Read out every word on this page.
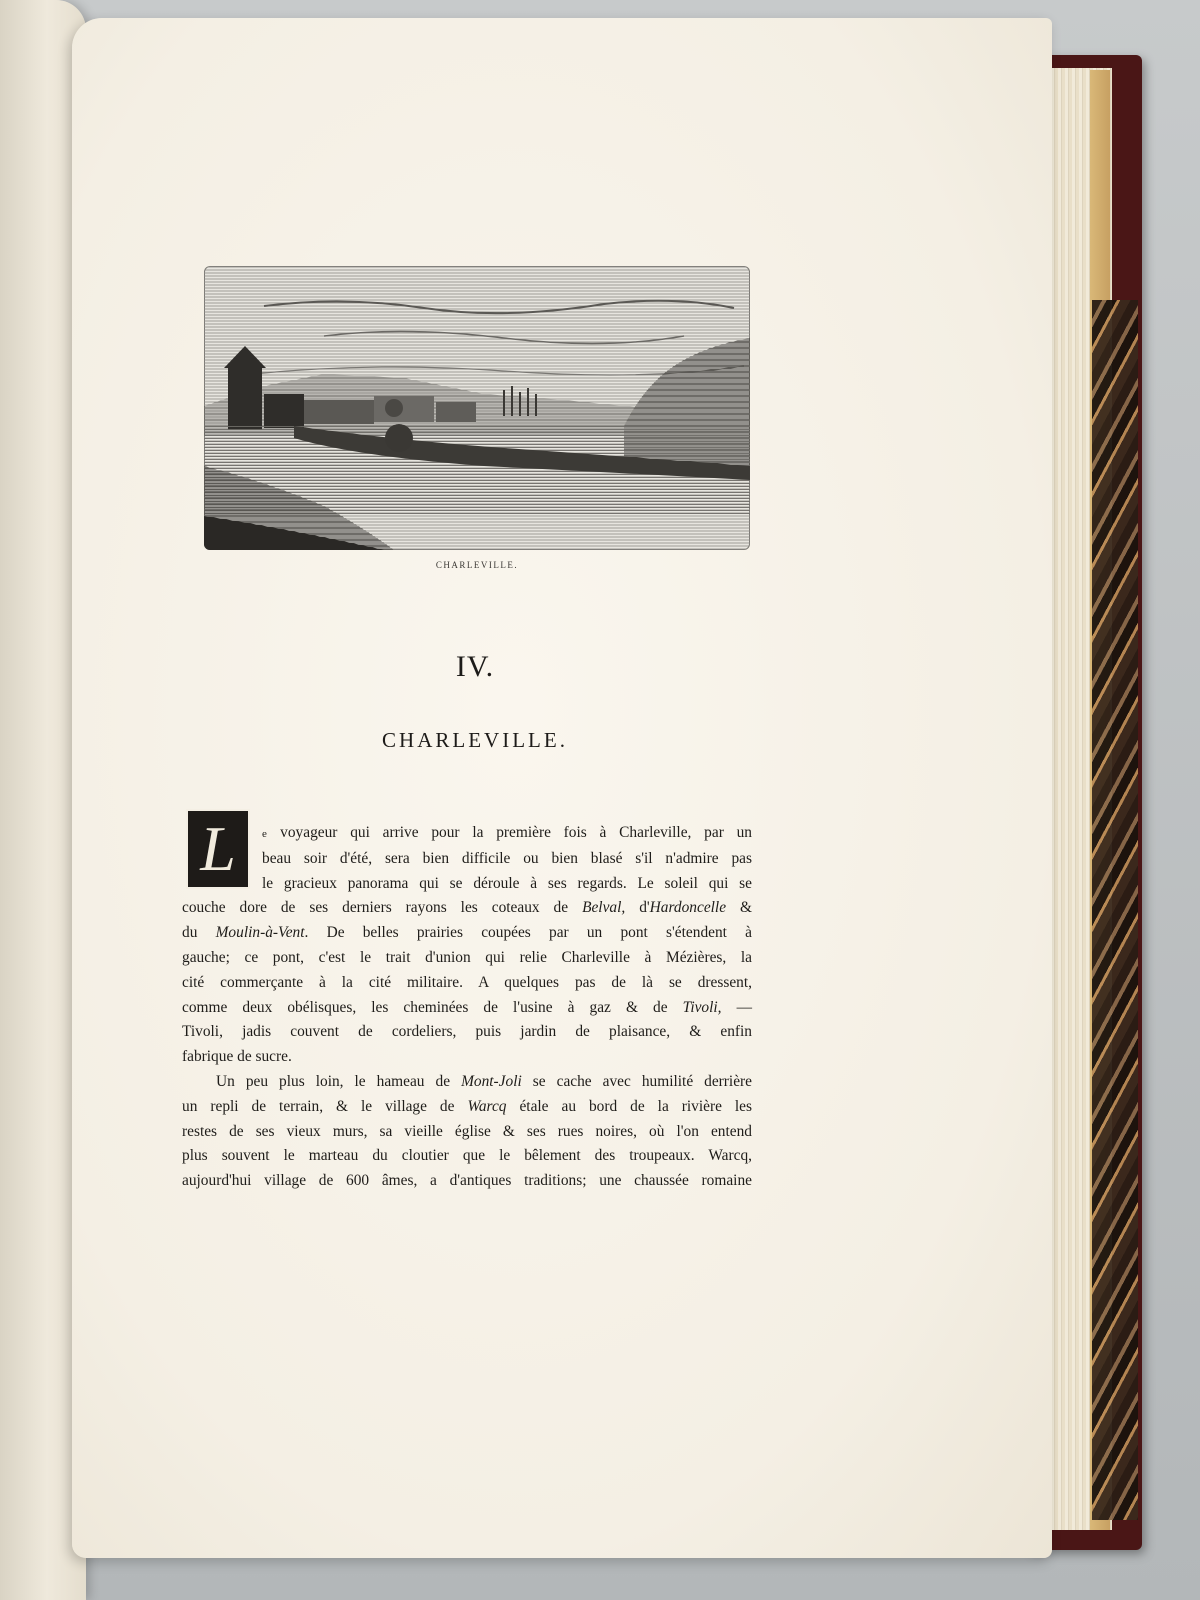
CHARLEVILLE.
IV.
CHARLEVILLE.
L	e voyageur qui arrive pour la première fois à Charleville, par un
beau soir d'été, sera bien difficile ou bien blasé s'il n'admire pas
le gracieux panorama qui se déroule à ses regards. Le soleil qui se
couche dore de ses derniers rayons les coteaux de Belval, d'Hardoncelle &
du Moulin-à-Vent. De belles prairies coupées par un pont s'étendent à
gauche; ce pont, c'est le trait d'union qui relie Charleville à Mézières, la
cité commerçante à la cité militaire. A quelques pas de là se dressent,
comme deux obélisques, les cheminées de l'usine à gaz & de Tivoli, —
Tivoli, jadis couvent de cordeliers, puis jardin de plaisance, & enfin
fabrique de sucre.
Un peu plus loin, le hameau de Mont-Joli se cache avec humilité derrière
un repli de terrain, & le village de Warcq étale au bord de la rivière les
restes de ses vieux murs, sa vieille église & ses rues noires, où l'on entend
plus souvent le marteau du cloutier que le bêlement des troupeaux. Warcq,
aujourd'hui village de 600 âmes, a d'antiques traditions; une chaussée romaine
